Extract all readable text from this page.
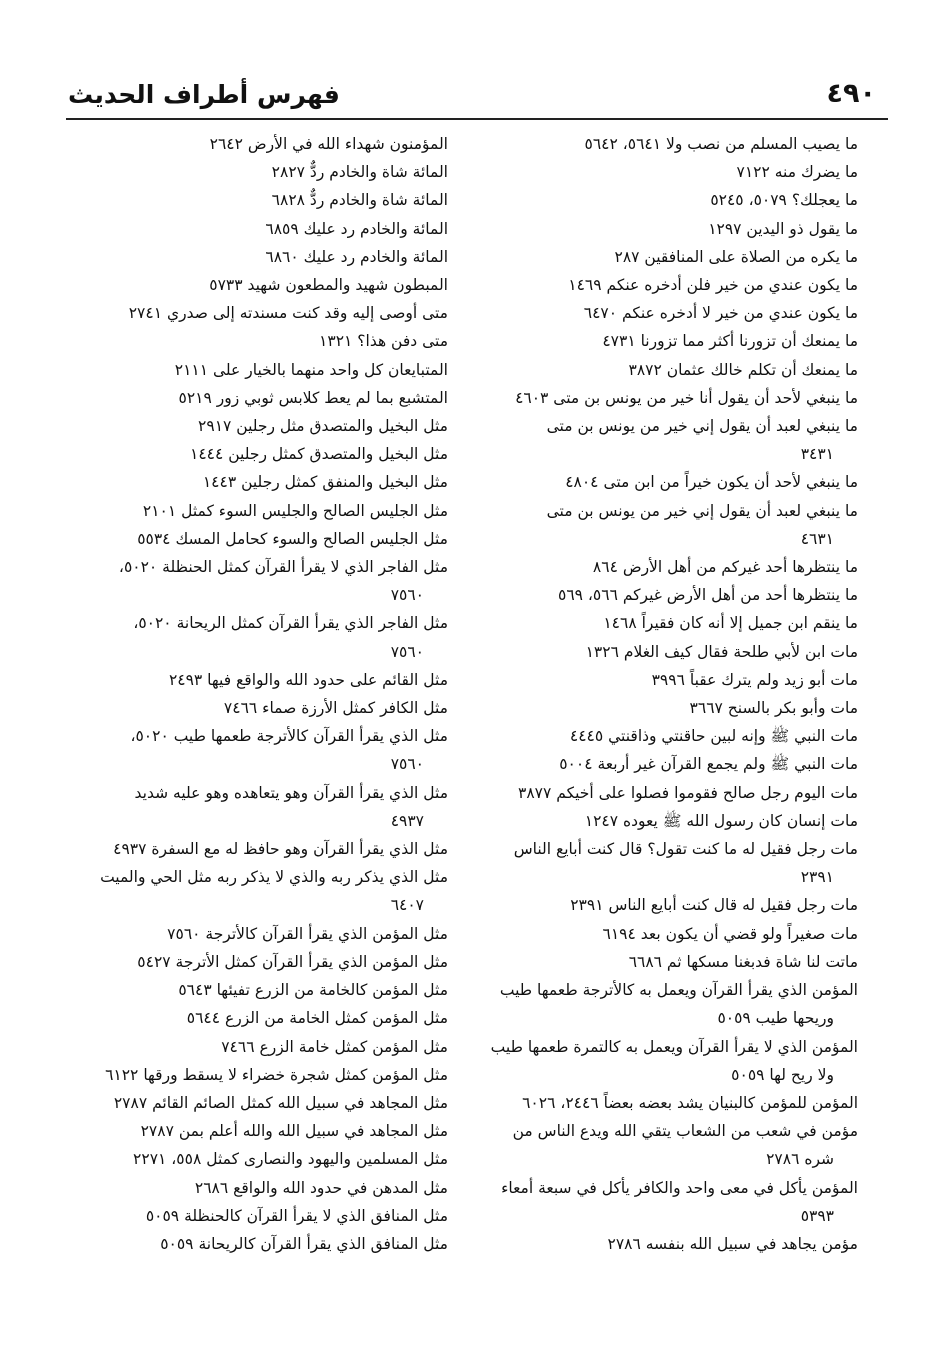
فهرس أطراف الحديث	٤٩٠
ما يصيب المسلم من نصب ولا ٥٦٤١، ٥٦٤٢
ما يضرك منه ٧١٢٢
ما يعجلك؟ ٥٠٧٩، ٥٢٤٥
ما يقول ذو اليدين ١٢٩٧
ما يكره من الصلاة على المنافقين ٢٨٧
ما يكون عندي من خير فلن أدخره عنكم ١٤٦٩
ما يكون عندي من خير لا أدخره عنكم ٦٤٧٠
ما يمنعك أن تزورنا أكثر مما تزورنا ٤٧٣١
ما يمنعك أن تكلم خالك عثمان ٣٨٧٢
ما ينبغي لأحد أن يقول أنا خير من يونس بن متى ٤٦٠٣
ما ينبغي لعبد أن يقول إني خير من يونس بن متى
٣٤٣١
ما ينبغي لأحد أن يكون خيراً من ابن متى ٤٨٠٤
ما ينبغي لعبد أن يقول إني خير من يونس بن متى
٤٦٣١
ما ينتظرها أحد غيركم من أهل الأرض ٨٦٤
ما ينتظرها أحد من أهل الأرض غيركم ٥٦٦، ٥٦٩
ما ينقم ابن جميل إلا أنه كان فقيراً ١٤٦٨
مات ابن لأبي طلحة فقال كيف الغلام ١٣٢٦
مات أبو زيد ولم يترك عقباً ٣٩٩٦
مات وأبو بكر بالسنح ٣٦٦٧
مات النبي ﷺ وإنه لبين حاقنتي وذاقنتي ٤٤٤٥
مات النبي ﷺ ولم يجمع القرآن غير أربعة ٥٠٠٤
مات اليوم رجل صالح فقوموا فصلوا على أخيكم ٣٨٧٧
مات إنسان كان رسول الله ﷺ يعوده ١٢٤٧
مات رجل فقيل له ما كنت تقول؟ قال كنت أبايع الناس
٢٣٩١
مات رجل فقيل له قال كنت أبايع الناس ٢٣٩١
مات صغيراً ولو قضي أن يكون بعد ٦١٩٤
ماتت لنا شاة فدبغنا مسكها ثم ٦٦٨٦
المؤمن الذي يقرأ القرآن ويعمل به كالأترجة طعمها طيب
وريحها طيب ٥٠٥٩
المؤمن الذي لا يقرأ القرآن ويعمل به كالتمرة طعمها طيب
ولا ريح لها ٥٠٥٩
المؤمن للمؤمن كالبنيان يشد بعضه بعضاً ٢٤٤٦، ٦٠٢٦
مؤمن في شعب من الشعاب يتقي الله ويدع الناس من
شره ٢٧٨٦
المؤمن يأكل في معى واحد والكافر يأكل في سبعة أمعاء
٥٣٩٣
مؤمن يجاهد في سبيل الله بنفسه ٢٧٨٦
المؤمنون شهداء الله في الأرض ٢٦٤٢
المائة شاة والخادم ردٌّ ٢٨٢٧
المائة شاة والخادم ردٌّ ٦٨٢٨
المائة والخادم رد عليك ٦٨٥٩
المائة والخادم رد عليك ٦٨٦٠
المبطون شهيد والمطعون شهيد ٥٧٣٣
متى أوصى إليه وقد كنت مسندته إلى صدري ٢٧٤١
متى دفن هذا؟ ١٣٢١
المتبايعان كل واحد منهما بالخيار على ٢١١١
المتشبع بما لم يعط كلابس ثوبي زور ٥٢١٩
مثل البخيل والمتصدق مثل رجلين ٢٩١٧
مثل البخيل والمتصدق كمثل رجلين ١٤٤٤
مثل البخيل والمنفق كمثل رجلين ١٤٤٣
مثل الجليس الصالح والجليس السوء كمثل ٢١٠١
مثل الجليس الصالح والسوء كحامل المسك ٥٥٣٤
مثل الفاجر الذي لا يقرأ القرآن كمثل الحنظلة ٥٠٢٠،
٧٥٦٠
مثل الفاجر الذي يقرأ القرآن كمثل الريحانة ٥٠٢٠،
٧٥٦٠
مثل القائم على حدود الله والواقع فيها ٢٤٩٣
مثل الكافر كمثل الأرزة صماء ٧٤٦٦
مثل الذي يقرأ القرآن كالأترجة طعمها طيب ٥٠٢٠،
٧٥٦٠
مثل الذي يقرأ القرآن وهو يتعاهده وهو عليه شديد
٤٩٣٧
مثل الذي يقرأ القرآن وهو حافظ له مع السفرة ٤٩٣٧
مثل الذي يذكر ربه والذي لا يذكر ربه مثل الحي والميت
٦٤٠٧
مثل المؤمن الذي يقرأ القرآن كالأترجة ٧٥٦٠
مثل المؤمن الذي يقرأ القرآن كمثل الأترجة ٥٤٢٧
مثل المؤمن كالخامة من الزرع تفيئها ٥٦٤٣
مثل المؤمن كمثل الخامة من الزرع ٥٦٤٤
مثل المؤمن كمثل خامة الزرع ٧٤٦٦
مثل المؤمن كمثل شجرة خضراء لا يسقط ورقها ٦١٢٢
مثل المجاهد في سبيل الله كمثل الصائم القائم ٢٧٨٧
مثل المجاهد في سبيل الله والله أعلم بمن ٢٧٨٧
مثل المسلمين واليهود والنصارى كمثل ٥٥٨، ٢٢٧١
مثل المدهن في حدود الله والواقع ٢٦٨٦
مثل المنافق الذي لا يقرأ القرآن كالحنظلة ٥٠٥٩
مثل المنافق الذي يقرأ القرآن كالريحانة ٥٠٥٩
